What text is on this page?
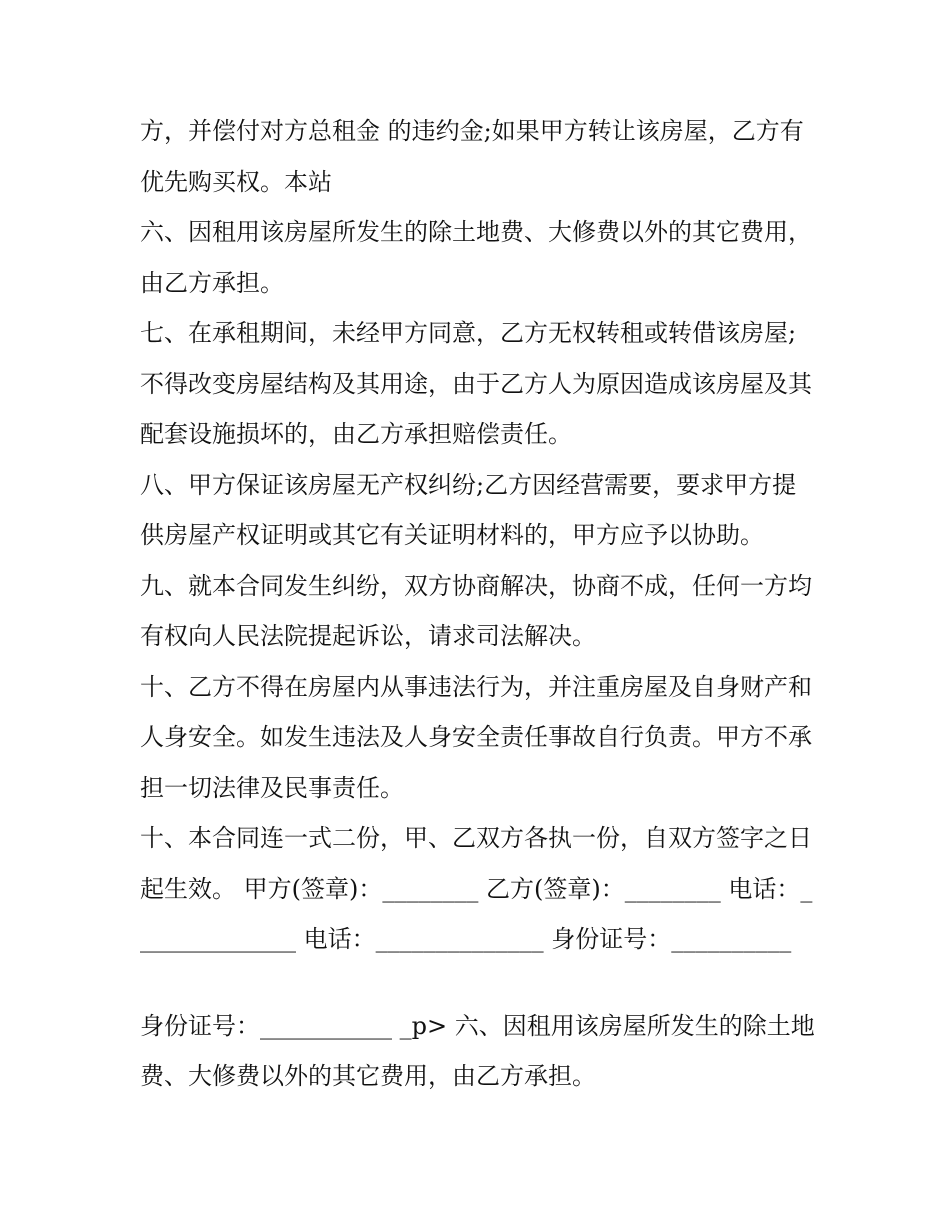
方，并偿付对方总租金 的违约金;如果甲方转让该房屋，乙方有优先购买权。本站

六、因租用该房屋所发生的除土地费、大修费以外的其它费用，由乙方承担。

七、在承租期间，未经甲方同意，乙方无权转租或转借该房屋;不得改变房屋结构及其用途，由于乙方人为原因造成该房屋及其配套设施损坏的，由乙方承担赔偿责任。

八、甲方保证该房屋无产权纠纷;乙方因经营需要，要求甲方提供房屋产权证明或其它有关证明材料的，甲方应予以协助。

九、就本合同发生纠纷，双方协商解决，协商不成，任何一方均有权向人民法院提起诉讼，请求司法解决。

十、乙方不得在房屋内从事违法行为，并注重房屋及自身财产和人身安全。如发生违法及人身安全责任事故自行负责。甲方不承担一切法律及民事责任。

十、本合同连一式二份，甲、乙双方各执一份，自双方签字之日起生效。 甲方(签章)：________ 乙方(签章)：________ 电话：______________ 电话：______________ 身份证号：__________

身份证号：___________ _p> 六、因租用该房屋所发生的除土地费、大修费以外的其它费用，由乙方承担。
